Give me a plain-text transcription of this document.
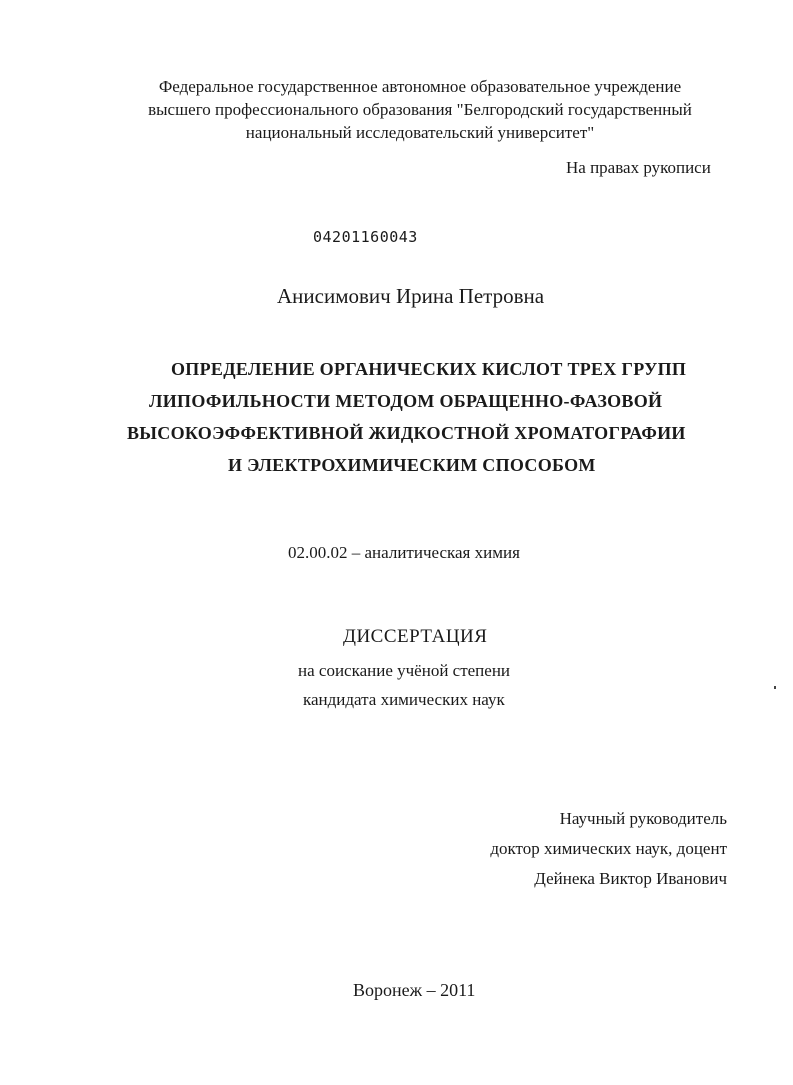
Федеральное государственное автономное образовательное учреждение
высшего профессионального образования "Белгородский государственный
национальный исследовательский университет"
На правах рукописи
04201160043
Анисимович Ирина Петровна
ОПРЕДЕЛЕНИЕ ОРГАНИЧЕСКИХ КИСЛОТ ТРЕХ ГРУПП
ЛИПОФИЛЬНОСТИ МЕТОДОМ ОБРАЩЕННО-ФАЗОВОЙ
ВЫСОКОЭФФЕКТИВНОЙ ЖИДКОСТНОЙ ХРОМАТОГРАФИИ
И ЭЛЕКТРОХИМИЧЕСКИМ СПОСОБОМ
02.00.02 – аналитическая химия
ДИССЕРТАЦИЯ
на соискание учёной степени
кандидата химических наук
Научный руководитель
доктор химических наук, доцент
Дейнека Виктор Иванович
Воронеж – 2011
